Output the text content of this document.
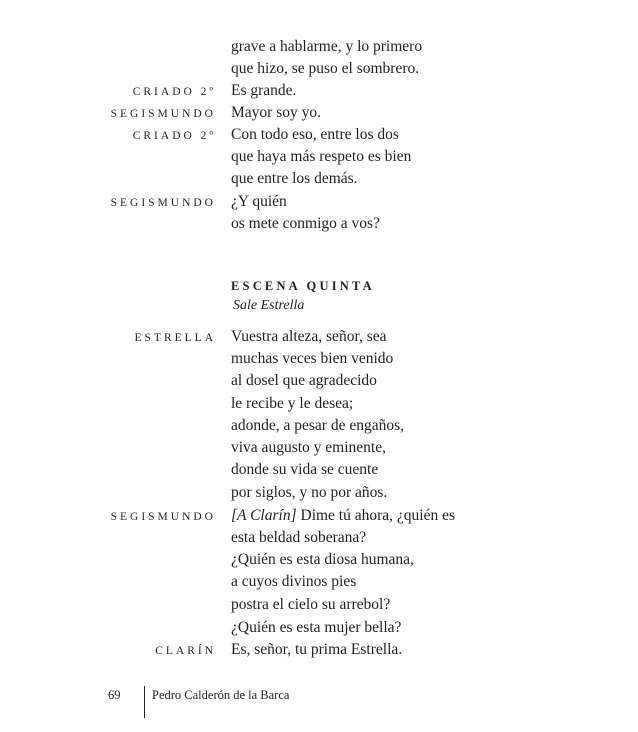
grave a hablarme, y lo primero
que hizo, se puso el sombrero.
CRIADO 2º Es grande.
SEGISMUNDO Mayor soy yo.
CRIADO 2º Con todo eso, entre los dos
que haya más respeto es bien
que entre los demás.
SEGISMUNDO ¿Y quién
os mete conmigo a vos?
ESCENA QUINTA
Sale Estrella
ESTRELLA Vuestra alteza, señor, sea
muchas veces bien venido
al dosel que agradecido
le recibe y le desea;
adonde, a pesar de engaños,
viva augusto y eminente,
donde su vida se cuente
por siglos, y no por años.
SEGISMUNDO [A Clarín] Dime tú ahora, ¿quién es
esta beldad soberana?
¿Quién es esta diosa humana,
a cuyos divinos pies
postra el cielo su arrebol?
¿Quién es esta mujer bella?
CLARÍN Es, señor, tu prima Estrella.
69	Pedro Calderón de la Barca
